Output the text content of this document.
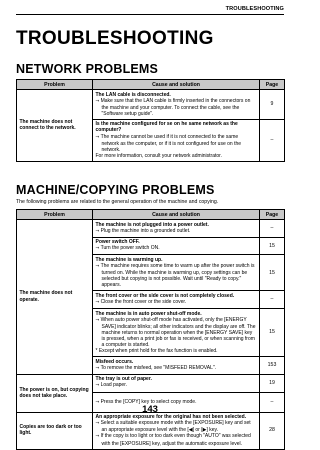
TROUBLESHOOTING
TROUBLESHOOTING
NETWORK PROBLEMS
Problem	Cause and solution	Page
The machine does not connect to the network.	The LAN cable is disconnected.
→ Make sure that the LAN cable is firmly inserted in the connectors on the machine and your computer. To connect the cable, see the "Software setup guide".	9

	Is the machine configured for se on he same network as the computer?
→ The machine cannot be used if it is not connected to the same network as the computer, or if it is not configured for use on the network.
For more information, consult your network administrator.	–
MACHINE/COPYING PROBLEMS
The following problems are related to the general operation of the machine and copying.
Problem	Cause and solution	Page
The machine does not operate.	The machine is not plugged into a power outlet.
→ Plug the machine into a grounded outlet.	–

	Power switch OFF.
→ Turn the power switch ON.	15

	The machine is warming up.
→ The machine requires some time to warm up after the power switch is turned on. While the machine is warming up, copy settings can be selected but copying is not possible. Wait until "Ready to copy." appears.	15

	The front cover or the side cover is not completely closed.
→ Close the front cover or the side cover.	–

	The machine is in auto power shut-off mode.
→ When auto power shut-off mode has activated, only the [ENERGY SAVE] indicator blinks; all other indicators and the display are off. The machine returns to normal operation when the [ENERGY SAVE] key is pressed, when a print job or fax is received, or when scanning from a computer is started.
* Except when print hold for the fax function is enabled.	15

	Misfeed occurs.
→ To remove the misfeed, see "MISFEED REMOVAL".	153
The power is on, but copying does not take place.	The tray is out of paper.
→ Load paper.	19

	→ Press the [COPY] key to select copy mode.	–
Copies are too dark or too light.	An appropriate exposure for the original has not been selected.
→ Select a suitable exposure mode with the [EXPOSURE] key and set an appropriate exposure level with the [◀] or [▶] key.
→ If the copy is too light or too dark even though "AUTO" was selected with the [EXPOSURE] key, adjust the automatic exposure level.	28
143
